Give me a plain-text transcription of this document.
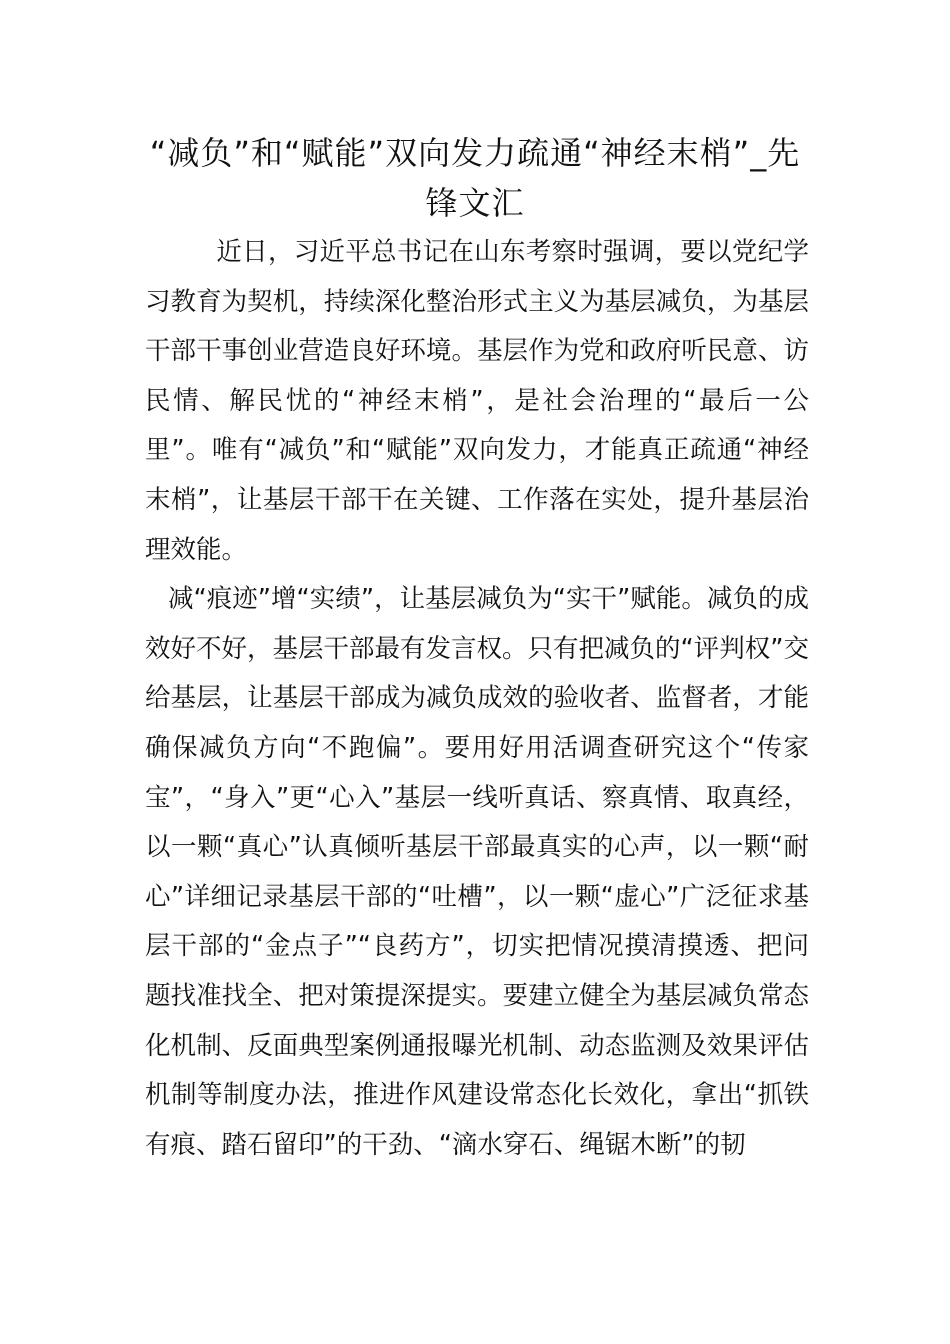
“减负”和“赋能”双向发力疏通“神经末梢”_先锋文汇

近日，习近平总书记在山东考察时强调，要以党纪学习教育为契机，持续深化整治形式主义为基层减负，为基层干部干事创业营造良好环境。基层作为党和政府听民意、访民情、解民忧的“神经末梢”，是社会治理的“最后一公里”。唯有“减负”和“赋能”双向发力，才能真正疏通“神经末梢”，让基层干部干在关键、工作落在实处，提升基层治理效能。

减“痕迹”增“实绩”，让基层减负为“实干”赋能。减负的成效好不好，基层干部最有发言权。只有把减负的“评判权”交给基层，让基层干部成为减负成效的验收者、监督者，才能确保减负方向“不跑偏”。要用好用活调查研究这个“传家宝”，“身入”更“心入”基层一线听真话、察真情、取真经，以一颗“真心”认真倾听基层干部最真实的心声，以一颗“耐心”详细记录基层干部的“吐槽”，以一颗“虚心”广泛征求基层干部的“金点子”“良药方”，切实把情况摸清摸透、把问题找准找全、把对策提深提实。要建立健全为基层减负常态化机制、反面典型案例通报曝光机制、动态监测及效果评估机制等制度办法，推进作风建设常态化长效化，拿出“抓铁有痕、踏石留印”的干劲、“滴水穿石、绳锯木断”的韧
